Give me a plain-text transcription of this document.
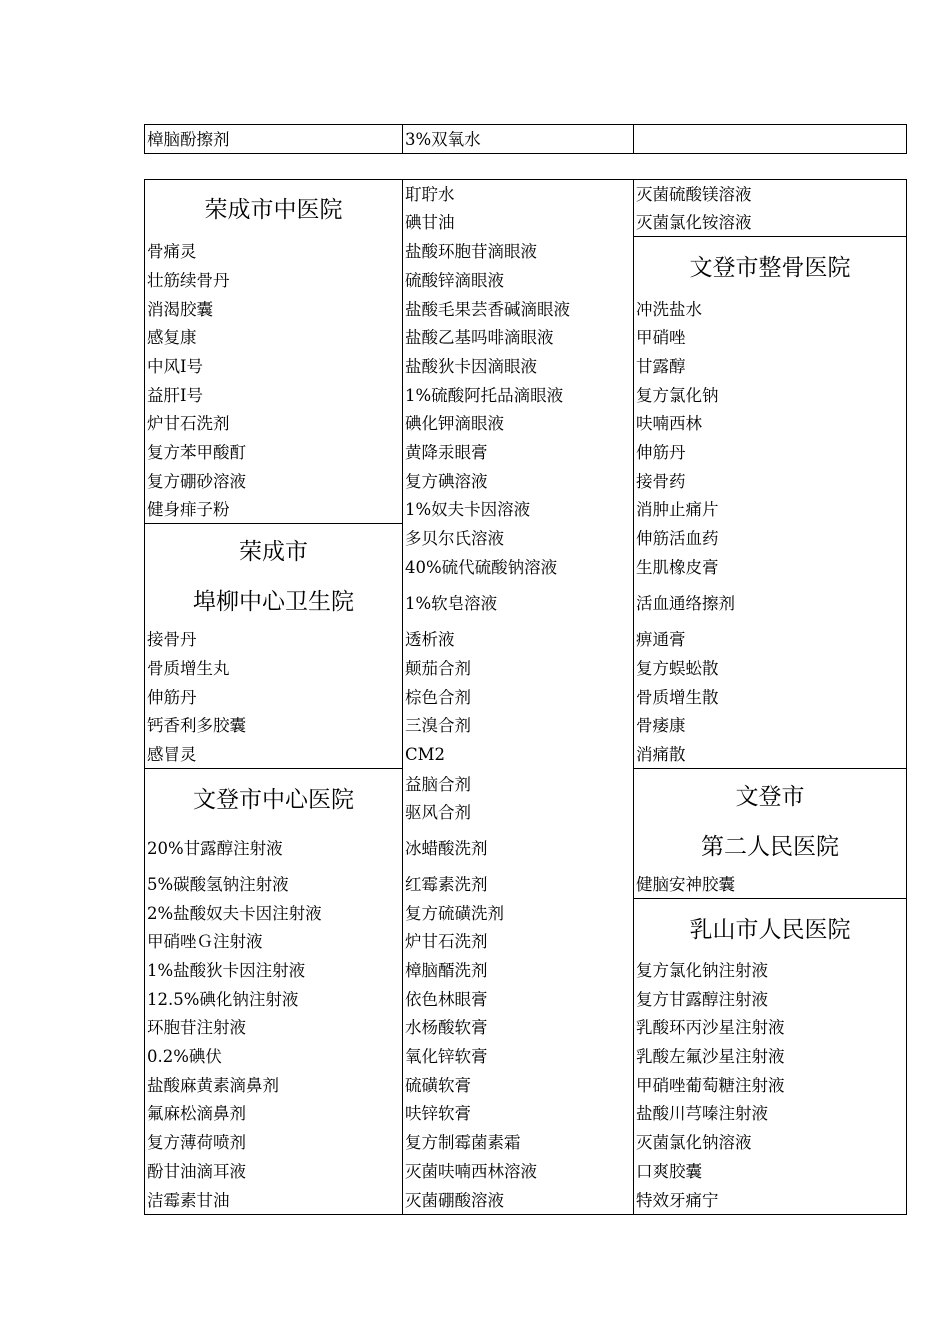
樟脑酚擦剂	3%双氧水
荣成市中医院
骨痛灵
壮筋续骨丹
消渴胶囊
感复康
中风Ⅰ号
益肝Ⅰ号
炉甘石洗剂
复方苯甲酸酊
复方硼砂溶液
健身痱子粉
荣成市
埠柳中心卫生院
接骨丹
骨质增生丸
伸筋丹
钙香利多胶囊
感冒灵
文登市中心医院
20%甘露醇注射液
5%碳酸氢钠注射液
2%盐酸奴夫卡因注射液
甲硝唑Ｇ注射液
1%盐酸狄卡因注射液
12.5%碘化钠注射液
环胞苷注射液
0.2%碘伏
盐酸麻黄素滴鼻剂
氟麻松滴鼻剂
复方薄荷喷剂
酚甘油滴耳液
洁霉素甘油
耵聍水
碘甘油
盐酸环胞苷滴眼液
硫酸锌滴眼液
盐酸毛果芸香碱滴眼液
盐酸乙基吗啡滴眼液
盐酸狄卡因滴眼液
1%硫酸阿托品滴眼液
碘化钾滴眼液
黄降汞眼膏
复方碘溶液
1%奴夫卡因溶液
多贝尔氏溶液
40%硫代硫酸钠溶液
1%软皂溶液
透析液
颠茄合剂
棕色合剂
三溴合剂
CM2
益脑合剂
驱风合剂
冰蜡酸洗剂
红霉素洗剂
复方硫磺洗剂
炉甘石洗剂
樟脑醑洗剂
依色林眼膏
水杨酸软膏
氧化锌软膏
硫磺软膏
呋锌软膏
复方制霉菌素霜
灭菌呋喃西林溶液
灭菌硼酸溶液
灭菌硫酸镁溶液
灭菌氯化铵溶液
文登市整骨医院
冲洗盐水
甲硝唑
甘露醇
复方氯化钠
呋喃西林
伸筋丹
接骨药
消肿止痛片
伸筋活血药
生肌橡皮膏
活血通络擦剂
痹通膏
复方蜈蚣散
骨质增生散
骨痿康
消痛散
文登市
第二人民医院
健脑安神胶囊
乳山市人民医院
复方氯化钠注射液
复方甘露醇注射液
乳酸环丙沙星注射液
乳酸左氟沙星注射液
甲硝唑葡萄糖注射液
盐酸川芎嗪注射液
灭菌氯化钠溶液
口爽胶囊
特效牙痛宁
